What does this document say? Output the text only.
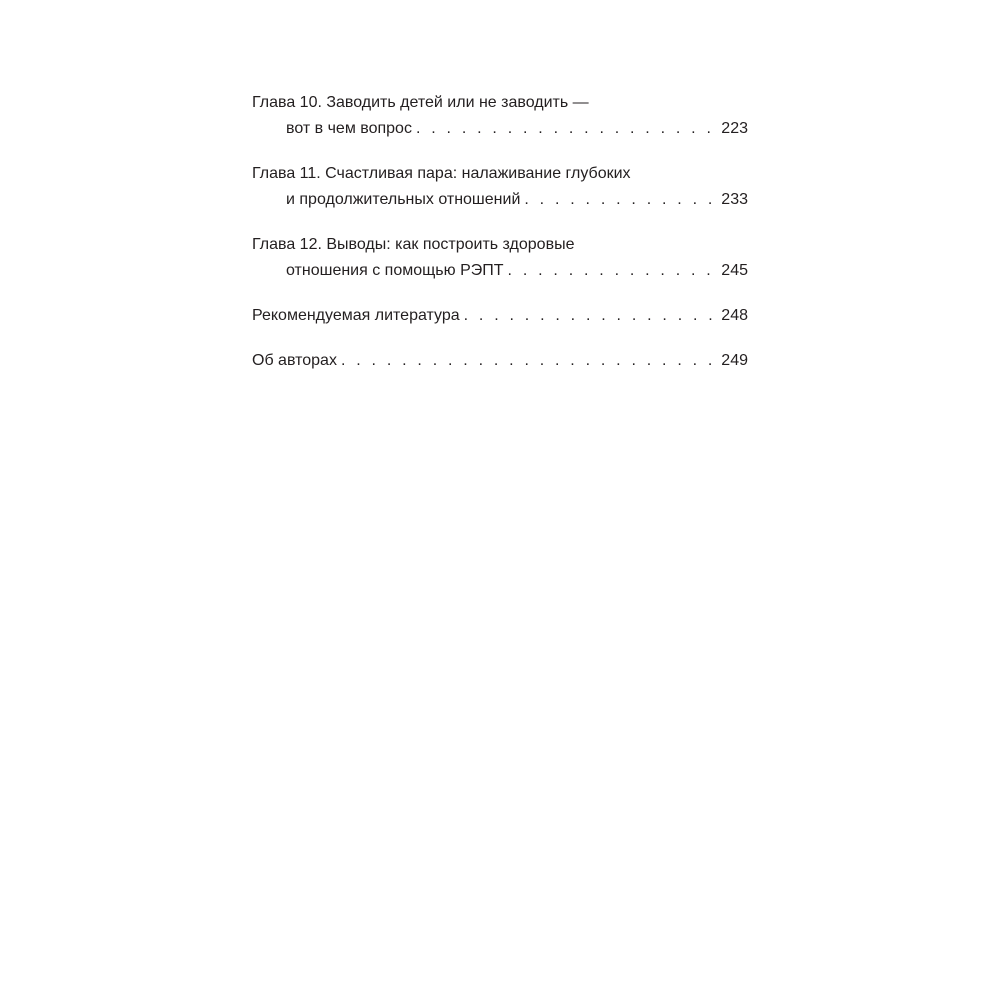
Глава 10. Заводить детей или не заводить —
вот в чем вопрос . . .	223
Глава 11. Счастливая пара: налаживание глубоких
и продолжительных отношений . . .	233
Глава 12. Выводы: как построить здоровые
отношения с помощью РЭПТ . . .	245
Рекомендуемая литература . . .	248
Об авторах . . .	249
